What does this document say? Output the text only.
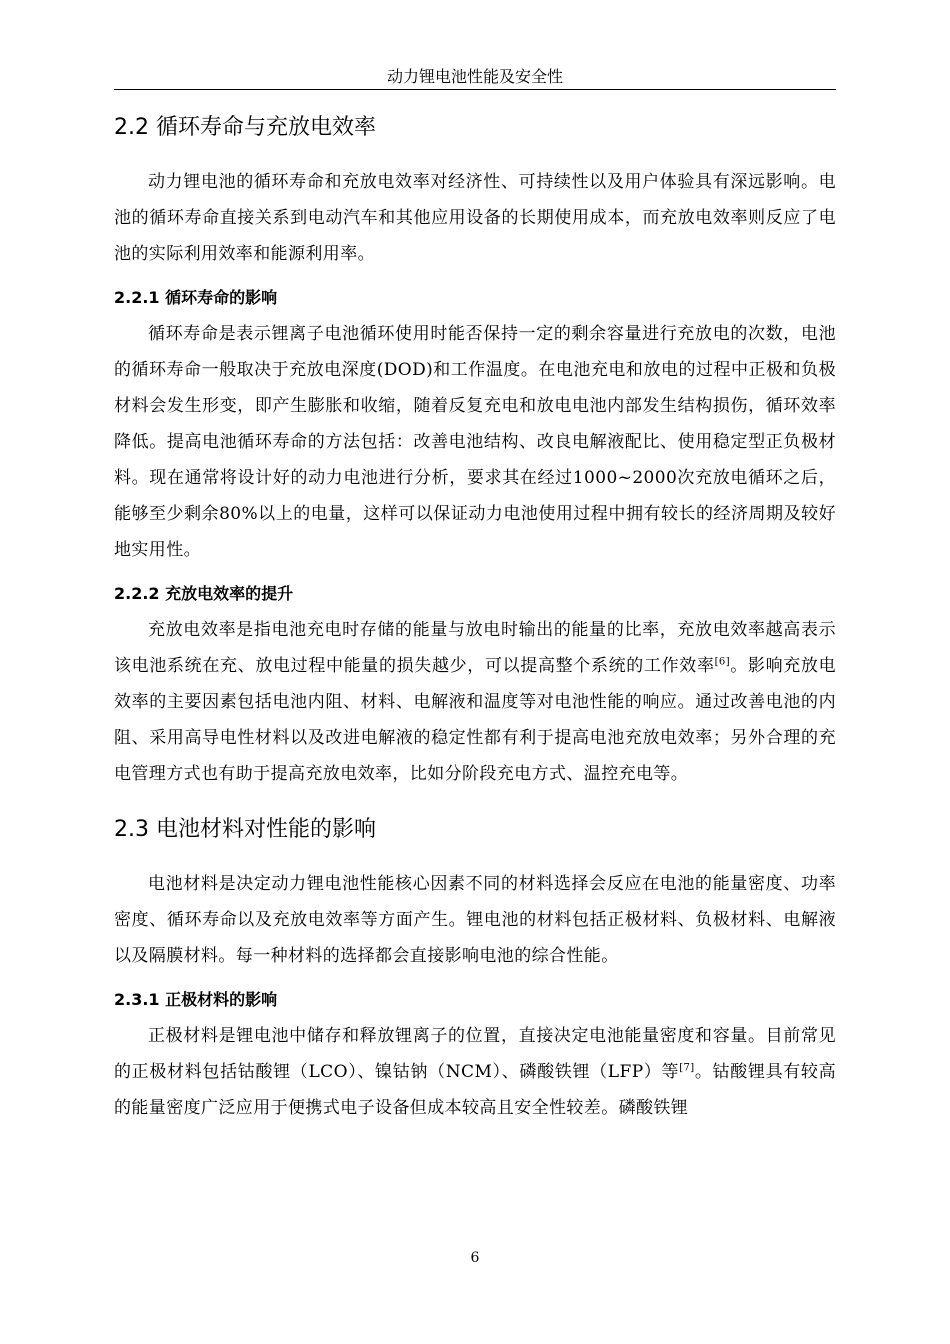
动力锂电池性能及安全性
2.2 循环寿命与充放电效率

动力锂电池的循环寿命和充放电效率对经济性、可持续性以及用户体验具有深远影响。电池的循环寿命直接关系到电动汽车和其他应用设备的长期使用成本，而充放电效率则反应了电池的实际利用效率和能源利用率。

2.2.1 循环寿命的影响

循环寿命是表示锂离子电池循环使用时能否保持一定的剩余容量进行充放电的次数，电池的循环寿命一般取决于充放电深度(DOD)和工作温度。在电池充电和放电的过程中正极和负极材料会发生形变，即产生膨胀和收缩，随着反复充电和放电电池内部发生结构损伤，循环效率降低。提高电池循环寿命的方法包括：改善电池结构、改良电解液配比、使用稳定型正负极材料。现在通常将设计好的动力电池进行分析，要求其在经过1000~2000次充放电循环之后，能够至少剩余80%以上的电量，这样可以保证动力电池使用过程中拥有较长的经济周期及较好地实用性。

2.2.2 充放电效率的提升

充放电效率是指电池充电时存储的能量与放电时输出的能量的比率，充放电效率越高表示该电池系统在充、放电过程中能量的损失越少，可以提高整个系统的工作效率[6]。影响充放电效率的主要因素包括电池内阻、材料、电解液和温度等对电池性能的响应。通过改善电池的内阻、采用高导电性材料以及改进电解液的稳定性都有利于提高电池充放电效率；另外合理的充电管理方式也有助于提高充放电效率，比如分阶段充电方式、温控充电等。

2.3 电池材料对性能的影响

电池材料是决定动力锂电池性能核心因素不同的材料选择会反应在电池的能量密度、功率密度、循环寿命以及充放电效率等方面产生。锂电池的材料包括正极材料、负极材料、电解液以及隔膜材料。每一种材料的选择都会直接影响电池的综合性能。

2.3.1 正极材料的影响

正极材料是锂电池中储存和释放锂离子的位置，直接决定电池能量密度和容量。目前常见的正极材料包括钴酸锂（LCO）、镍钴钠（NCM）、磷酸铁锂（LFP）等[7]。钴酸锂具有较高的能量密度广泛应用于便携式电子设备但成本较高且安全性较差。磷酸铁锂

6
